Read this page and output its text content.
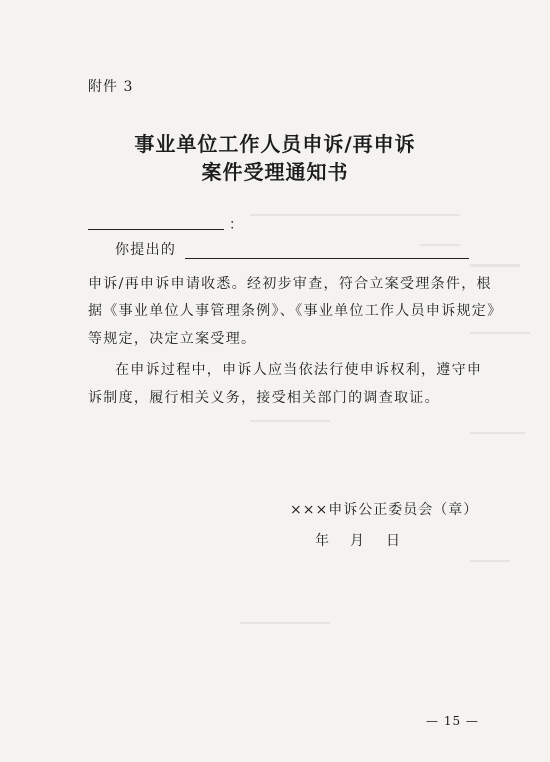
附件 3
事业单位工作人员申诉/再申诉
案件受理通知书
：
你提出的
申诉/再申诉申请收悉。经初步审查，符合立案受理条件，根
据《事业单位人事管理条例》、《事业单位工作人员申诉规定》
等规定，决定立案受理。
在申诉过程中，申诉人应当依法行使申诉权利，遵守申
诉制度，履行相关义务，接受相关部门的调查取证。
×××申诉公正委员会（章）
年 月 日
— 15 —
